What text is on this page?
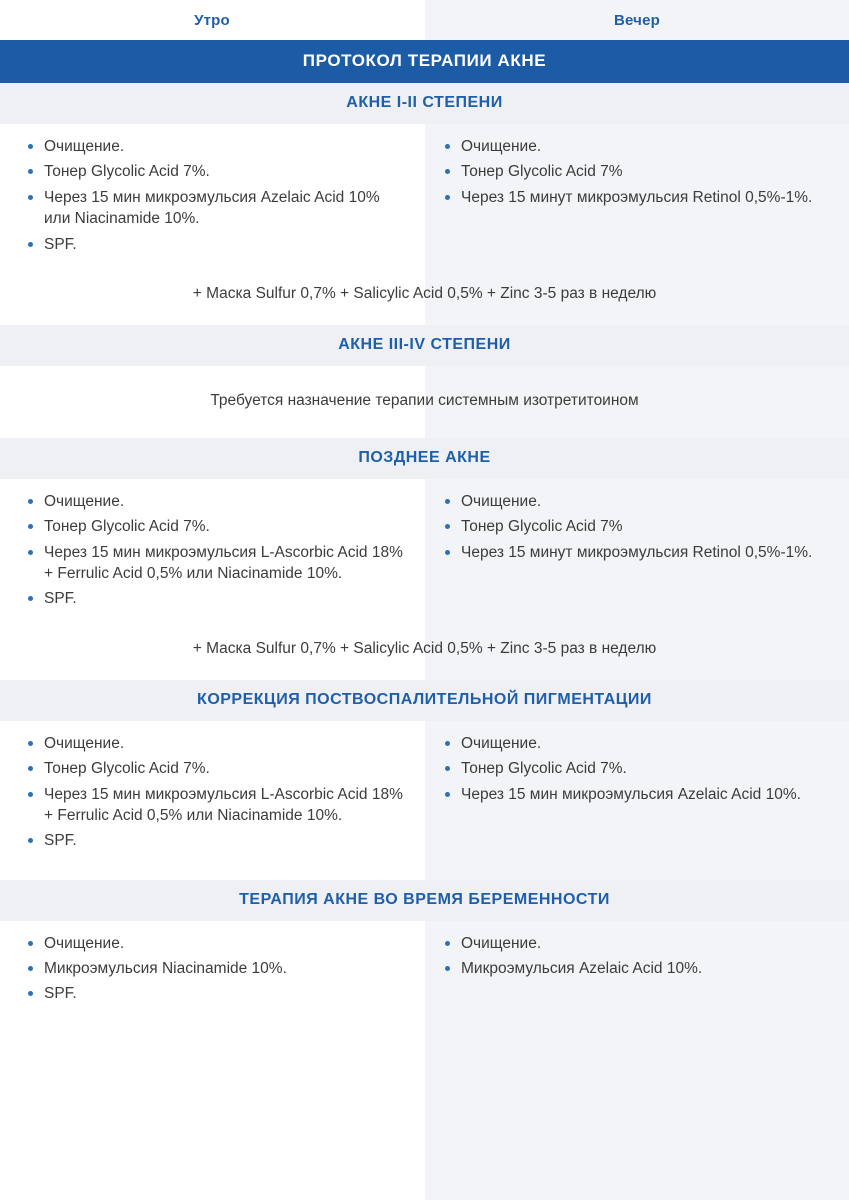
Утро	Вечер
ПРОТОКОЛ ТЕРАПИИ АКНЕ
АКНЕ I-II СТЕПЕНИ
Очищение.
Тонер Glycolic Acid 7%.
Через 15 мин микроэмульсия Azelaic Acid 10% или Niacinamide 10%.
SPF.
Очищение.
Тонер Glycolic Acid 7%
Через 15 минут микроэмульсия Retinol 0,5%-1%.
+ Маска Sulfur 0,7% + Salicylic Acid 0,5% + Zinc 3-5 раз в неделю
АКНЕ III-IV СТЕПЕНИ
Требуется назначение терапии системным изотретитоином
ПОЗДНЕЕ АКНЕ
Очищение.
Тонер Glycolic Acid 7%.
Через 15 мин микроэмульсия L-Ascorbic Acid 18% + Ferrulic Acid 0,5% или Niacinamide 10%.
SPF.
Очищение.
Тонер Glycolic Acid 7%
Через 15 минут микроэмульсия Retinol 0,5%-1%.
+ Маска Sulfur 0,7% + Salicylic Acid 0,5% + Zinc 3-5 раз в неделю
КОРРЕКЦИЯ ПОСТВОСПАЛИТЕЛЬНОЙ ПИГМЕНТАЦИИ
Очищение.
Тонер Glycolic Acid 7%.
Через 15 мин микроэмульсия L-Ascorbic Acid 18% + Ferrulic Acid 0,5% или Niacinamide 10%.
SPF.
Очищение.
Тонер Glycolic Acid 7%.
Через 15 мин микроэмульсия Azelaic Acid 10%.
ТЕРАПИЯ АКНЕ ВО ВРЕМЯ БЕРЕМЕННОСТИ
Очищение.
Микроэмульсия Niacinamide 10%.
SPF.
Очищение.
Микроэмульсия Azelaic Acid 10%.
